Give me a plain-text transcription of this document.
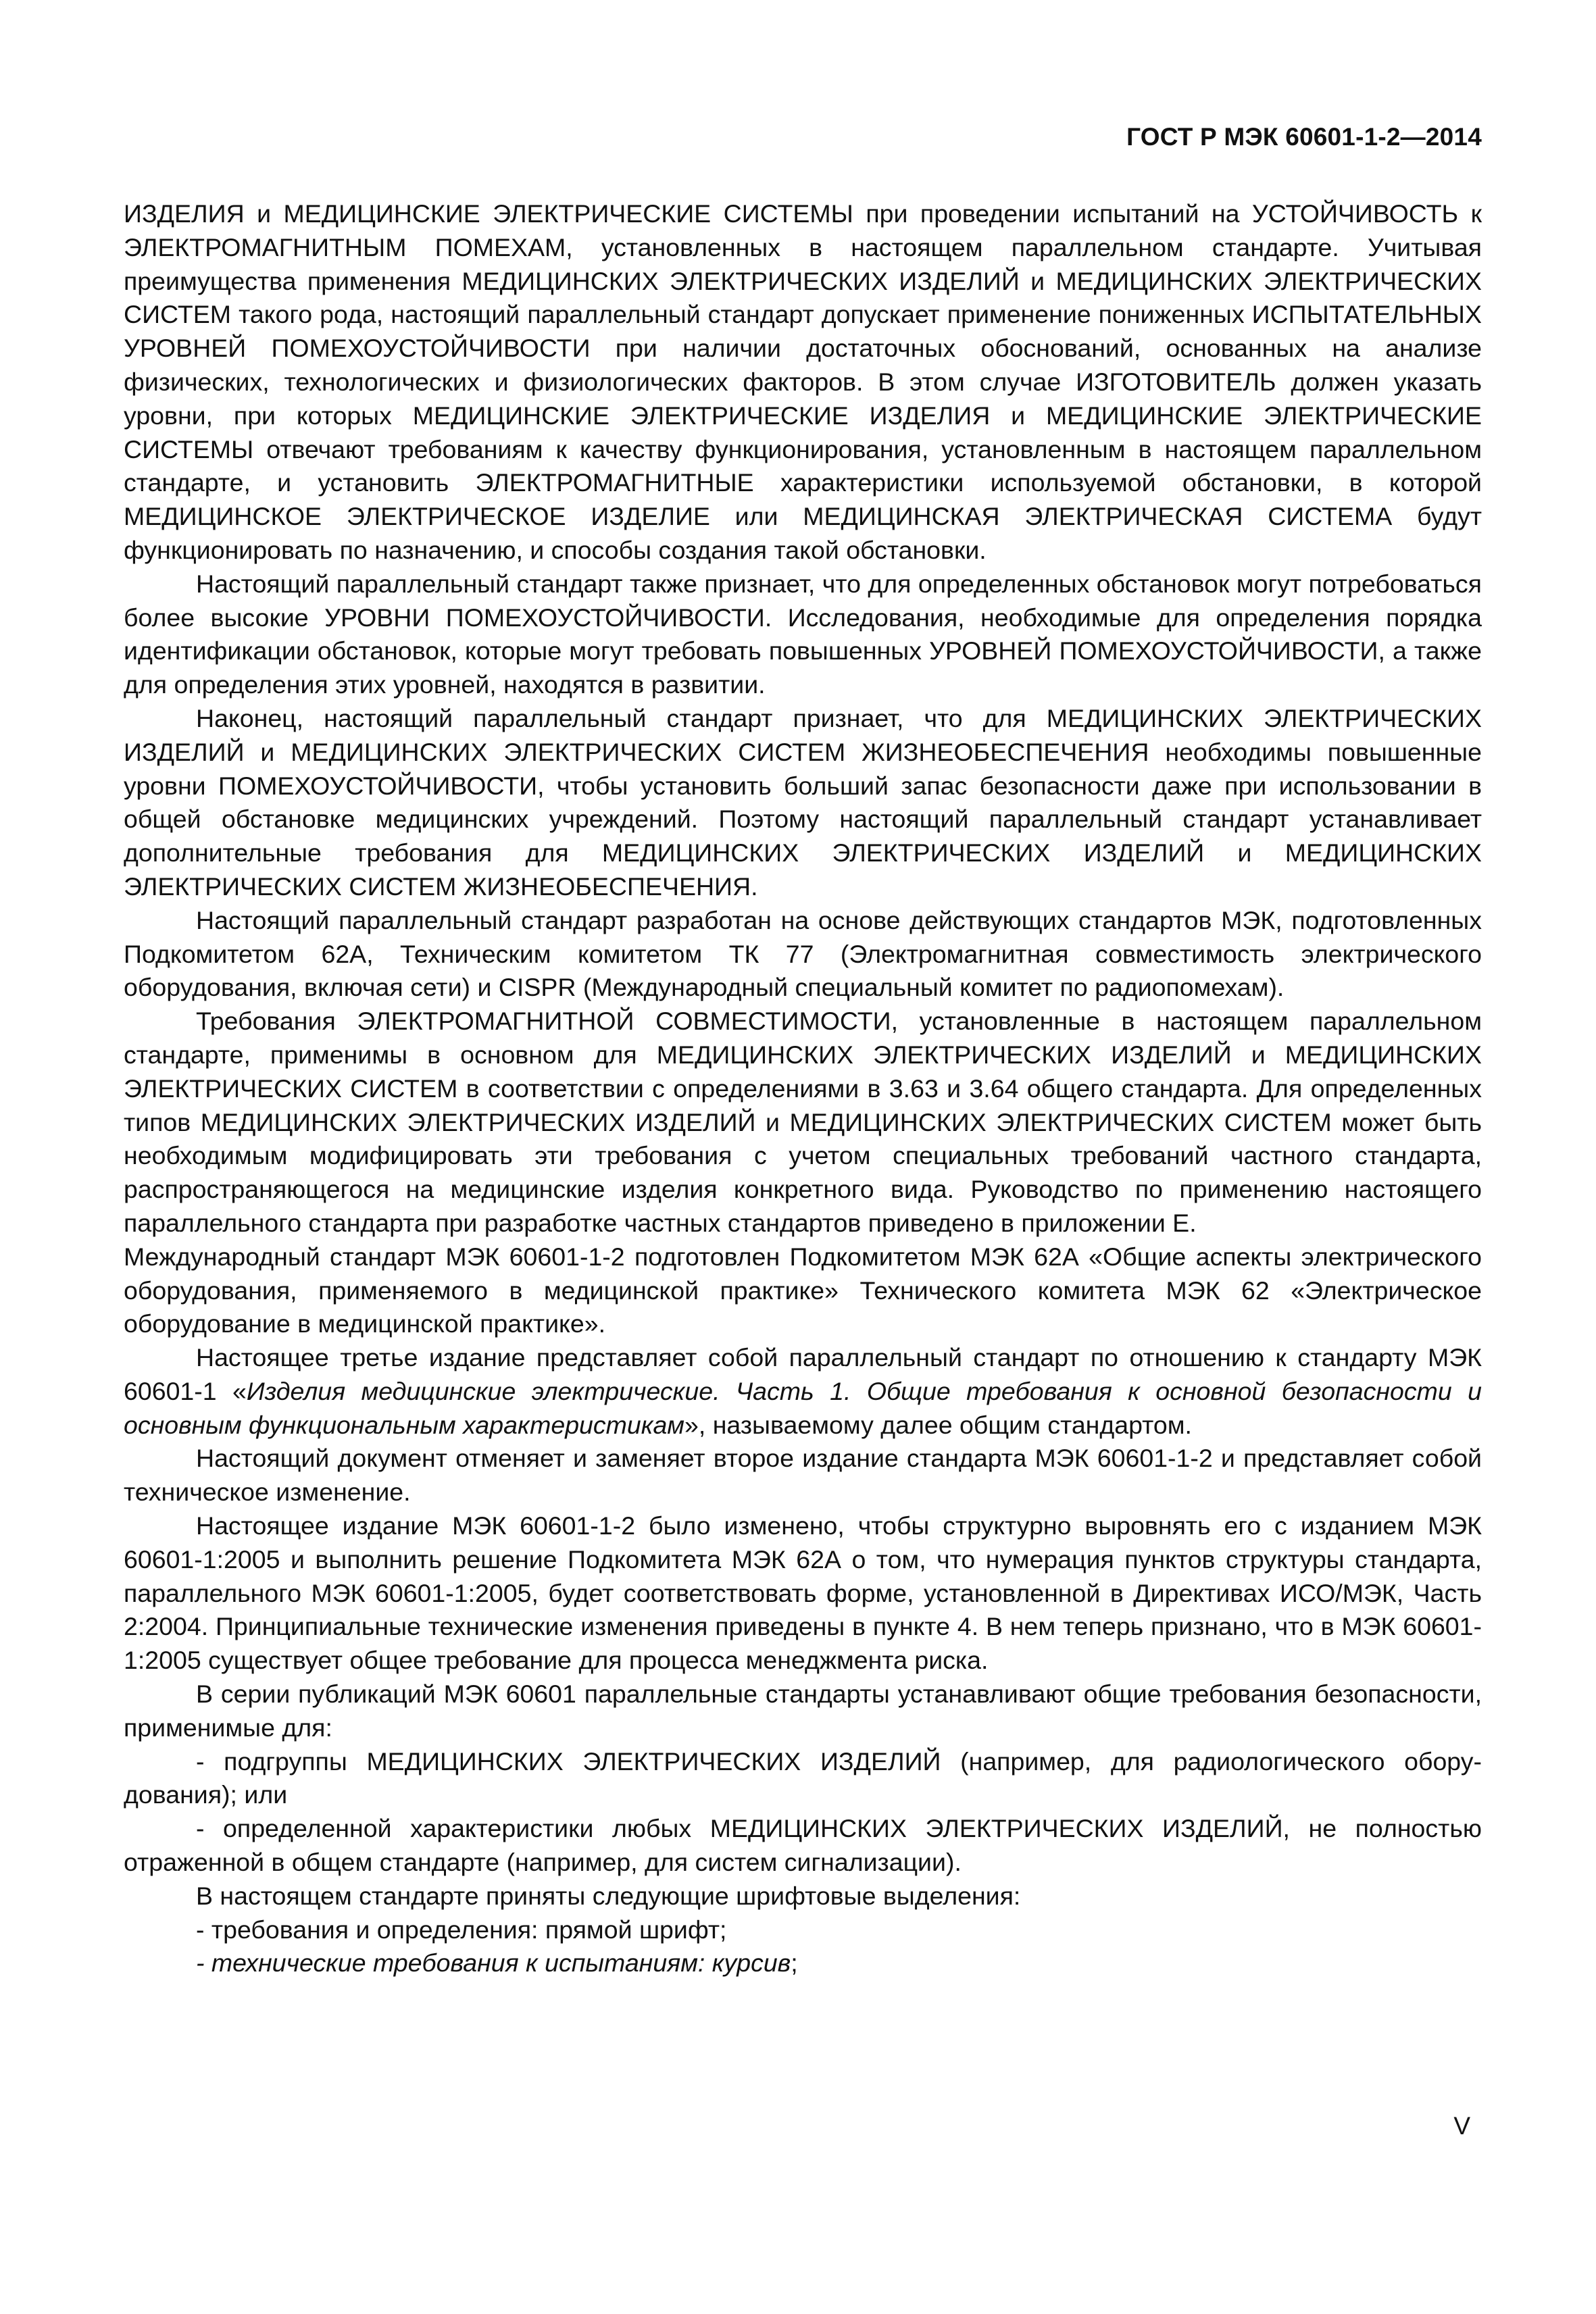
ГОСТ Р МЭК 60601-1-2—2014

ИЗДЕЛИЯ и МЕДИЦИНСКИЕ ЭЛЕКТРИЧЕСКИЕ СИСТЕМЫ при проведении испытаний на УСТОЙЧИВОСТЬ к ЭЛЕКТРОМАГНИТНЫМ ПОМЕХАМ, установленных в настоящем параллельном стандарте. Учитывая преимущества применения МЕДИЦИНСКИХ ЭЛЕКТРИЧЕСКИХ ИЗДЕЛИЙ и МЕДИЦИНСКИХ ЭЛЕКТРИЧЕСКИХ СИСТЕМ такого рода, настоящий параллельный стандарт допускает применение пониженных ИСПЫТАТЕЛЬНЫХ УРОВНЕЙ ПОМЕХОУСТОЙЧИВОСТИ при наличии достаточных обоснований, основанных на анализе физических, технологических и физиологических факторов. В этом случае ИЗГОТОВИТЕЛЬ должен указать уровни, при которых МЕДИЦИНСКИЕ ЭЛЕКТРИЧЕСКИЕ ИЗДЕЛИЯ и МЕДИЦИНСКИЕ ЭЛЕКТРИЧЕСКИЕ СИСТЕМЫ отвечают требованиям к качеству функционирования, установленным в настоящем параллельном стандарте, и установить ЭЛЕКТРОМАГНИТНЫЕ характеристики используемой обстановки, в которой МЕДИЦИНСКОЕ ЭЛЕКТРИЧЕСКОЕ ИЗДЕЛИЕ или МЕДИЦИНСКАЯ ЭЛЕКТРИЧЕСКАЯ СИСТЕМА будут функционировать по назначению, и способы создания такой обстановки.

Настоящий параллельный стандарт также признает, что для определенных обстановок могут потребоваться более высокие УРОВНИ ПОМЕХОУСТОЙЧИВОСТИ. Исследования, необходимые для определения порядка идентификации обстановок, которые могут требовать повышенных УРОВНЕЙ ПОМЕХОУСТОЙЧИВОСТИ, а также для определения этих уровней, находятся в развитии.

Наконец, настоящий параллельный стандарт признает, что для МЕДИЦИНСКИХ ЭЛЕКТРИЧЕСКИХ ИЗДЕЛИЙ и МЕДИЦИНСКИХ ЭЛЕКТРИЧЕСКИХ СИСТЕМ ЖИЗНЕОБЕСПЕЧЕНИЯ необходимы повышенные уровни ПОМЕХОУСТОЙЧИВОСТИ, чтобы установить больший запас безопасности даже при использовании в общей обстановке медицинских учреждений. Поэтому настоящий параллельный стандарт устанавливает дополнительные требования для МЕДИЦИНСКИХ ЭЛЕКТРИЧЕСКИХ ИЗДЕЛИЙ и МЕДИЦИНСКИХ ЭЛЕКТРИЧЕСКИХ СИСТЕМ ЖИЗНЕОБЕСПЕЧЕНИЯ.

Настоящий параллельный стандарт разработан на основе действующих стандартов МЭК, подготовленных Подкомитетом 62А, Техническим комитетом ТК 77 (Электромагнитная совместимость электрического оборудования, включая сети) и CISPR (Международный специальный комитет по радиопомехам).

Требования ЭЛЕКТРОМАГНИТНОЙ СОВМЕСТИМОСТИ, установленные в настоящем параллельном стандарте, применимы в основном для МЕДИЦИНСКИХ ЭЛЕКТРИЧЕСКИХ ИЗДЕЛИЙ и МЕДИЦИНСКИХ ЭЛЕКТРИЧЕСКИХ СИСТЕМ в соответствии с определениями в 3.63 и 3.64 общего стандарта. Для определенных типов МЕДИЦИНСКИХ ЭЛЕКТРИЧЕСКИХ ИЗДЕЛИЙ и МЕДИЦИНСКИХ ЭЛЕКТРИЧЕСКИХ СИСТЕМ может быть необходимым модифицировать эти требования с учетом специальных требований частного стандарта, распространяющегося на медицинские изделия конкретного вида. Руководство по применению настоящего параллельного стандарта при разработке частных стандартов приведено в приложении Е.

Международный стандарт МЭК 60601-1-2 подготовлен Подкомитетом МЭК 62А «Общие аспекты электрического оборудования, применяемого в медицинской практике» Технического комитета МЭК 62 «Электрическое оборудование в медицинской практике».

Настоящее третье издание представляет собой параллельный стандарт по отношению к стандарту МЭК 60601-1 «Изделия медицинские электрические. Часть 1. Общие требования к основной безопасности и основным функциональным характеристикам», называемому далее общим стандартом.

Настоящий документ отменяет и заменяет второе издание стандарта МЭК 60601-1-2 и представляет собой техническое изменение.

Настоящее издание МЭК 60601-1-2 было изменено, чтобы структурно выровнять его с изданием МЭК 60601-1:2005 и выполнить решение Подкомитета МЭК 62А о том, что нумерация пунктов структуры стандарта, параллельного МЭК 60601-1:2005, будет соответствовать форме, установленной в Директивах ИСО/МЭК, Часть 2:2004. Принципиальные технические изменения приведены в пункте 4. В нем теперь признано, что в МЭК 60601-1:2005 существует общее требование для процесса менеджмента риска.

В серии публикаций МЭК 60601 параллельные стандарты устанавливают общие требования безопасности, применимые для:

- подгруппы МЕДИЦИНСКИХ ЭЛЕКТРИЧЕСКИХ ИЗДЕЛИЙ (например, для радиологического оборудования); или

- определенной характеристики любых МЕДИЦИНСКИХ ЭЛЕКТРИЧЕСКИХ ИЗДЕЛИЙ, не полностью отраженной в общем стандарте (например, для систем сигнализации).

В настоящем стандарте приняты следующие шрифтовые выделения:

- требования и определения: прямой шрифт;

- технические требования к испытаниям: курсив;

V
